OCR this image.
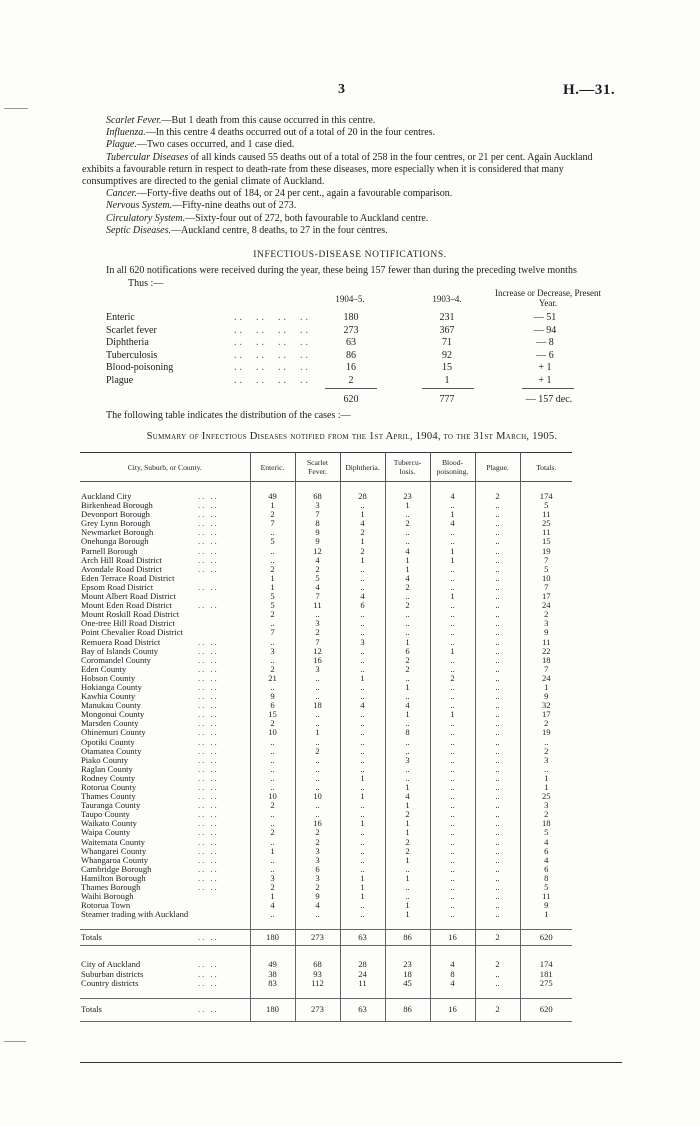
3	H.—31.

Scarlet Fever.—But 1 death from this cause occurred in this centre.

Influenza.—In this centre 4 deaths occurred out of a total of 20 in the four centres.

Plague.—Two cases occurred, and 1 case died.

Tubercular Diseases of all kinds caused 55 deaths out of a total of 258 in the four centres, or 21 per cent. Again Auckland exhibits a favourable return in respect to death-rate from these diseases, more especially when it is considered that many consumptives are directed to the genial climate of Auckland.

Cancer.—Forty-five deaths out of 184, or 24 per cent., again a favourable comparison.

Nervous System.—Fifty-nine deaths out of 273.

Circulatory System.—Sixty-four out of 272, both favourable to Auckland centre.

Septic Diseases.—Auckland centre, 8 deaths, to 27 in the four centres.

INFECTIOUS-DISEASE NOTIFICATIONS.

In all 620 notifications were received during the year, these being 157 fewer than during the preceding twelve monthsThus :—

1904–5.	1903–4.
Increase or Decrease, Present Year.
Enteric	..  ..  ..  ..	180	231	— 51
Scarlet fever	..  ..  ..  ..	273	367	— 94
Diphtheria	..  ..  ..  ..	63	71	— 8
Tuberculosis	..  ..  ..  ..	86	92	— 6
Blood-poisoning	..  ..  ..  ..	16	15	+ 1
Plague	..  ..  ..  ..	2	1	+ 1
620	777	— 157 dec.
The following table indicates the distribution of the cases :—
Summary of Infectious Diseases notified from the 1st April, 1904, to the 31st March, 1905.
City, Suburb, or County.	Enteric.	Scarlet Fever.	Diphtheria.	Tubercu-losis.	Blood-poisoning.	Plague.	Totals.

Auckland City .. ..	49	68	28	23	4	2	174
Birkenhead Borough .. ..	1	3	..	1	..	..	5
Devonport Borough .. ..	2	7	1	..	1	..	11
Grey Lynn Borough .. ..	7	8	4	2	4	..	25
Newmarket Borough .. ..	..	9	2	..	..	..	11
Onehunga Borough .. ..	5	9	1	..	..	..	15
Parnell Borough .. ..	..	12	2	4	1	..	19
Arch Hill Road District .. ..	..	4	1	1	1	..	7
Avondale Road District .. ..	2	2	..	1	..	..	5
Eden Terrace Road District	1	5	..	4	..	..	10
Epsom Road District .. ..	1	4	..	2	..	..	7
Mount Albert Road District	5	7	4	..	1	..	17
Mount Eden Road District .. ..	5	11	6	2	..	..	24
Mount Roskill Road District	2	..	..	..	..	..	2
One-tree Hill Road District	..	3	..	..	..	..	3
Point Chevalier Road District	7	2	..	..	..	..	9
Remuera Road District .. ..	..	7	3	1	..	..	11
Bay of Islands County .. ..	3	12	..	6	1	..	22
Coromandel County .. ..	..	16	..	2	..	..	18
Eden County .. ..	2	3	..	2	..	..	7
Hobson County .. ..	21	..	1	..	2	..	24
Hokianga County .. ..	..	..	..	1	..	..	1
Kawhia County .. ..	9	..	..	..	..	..	9
Manukau County .. ..	6	18	4	4	..	..	32
Mongonui County .. ..	15	..	..	1	1	..	17
Marsden County .. ..	2	..	..	..	..	..	2
Ohinemuri County .. ..	10	1	..	8	..	..	19
Opotiki County .. ..	..	..	..	..	..	..	..
Otamatea County .. ..	..	2	..	..	..	..	2
Piako County .. ..	..	..	..	3	..	..	3
Raglan County .. ..	..	..	..	..	..	..	..
Rodney County .. ..	..	..	1	..	..	..	1
Rotorua County .. ..	..	..	..	1	..	..	1
Thames County .. ..	10	10	1	4	..	..	25
Tauranga County .. ..	2	..	..	1	..	..	3
Taupo County .. ..	..	..	..	2	..	..	2
Waikato County .. ..	..	16	1	1	..	..	18
Waipa County .. ..	2	2	..	1	..	..	5
Waitemata County .. ..	..	2	..	2	..	..	4
Whangarei County .. ..	1	3	..	2	..	..	6
Whangaroa County .. ..	..	3	..	1	..	..	4
Cambridge Borough .. ..	..	6	..	..	..	..	6
Hamilton Borough .. ..	3	3	1	1	..	..	8
Thames Borough .. ..	2	2	1	..	..	..	5
Waihi Borough	1	9	1	..	..	..	11
Rotorua Town	4	4	..	1	..	..	9
Steamer trading with Auckland	..	..	..	1	..	..	1

Totals .. ..	180	273	63	86	16	2	620

City of Auckland .. ..	49	68	28	23	4	2	174
Suburban districts .. ..	38	93	24	18	8	..	181
Country districts .. ..	83	112	11	45	4	..	275

Totals .. ..	180	273	63	86	16	2	620
